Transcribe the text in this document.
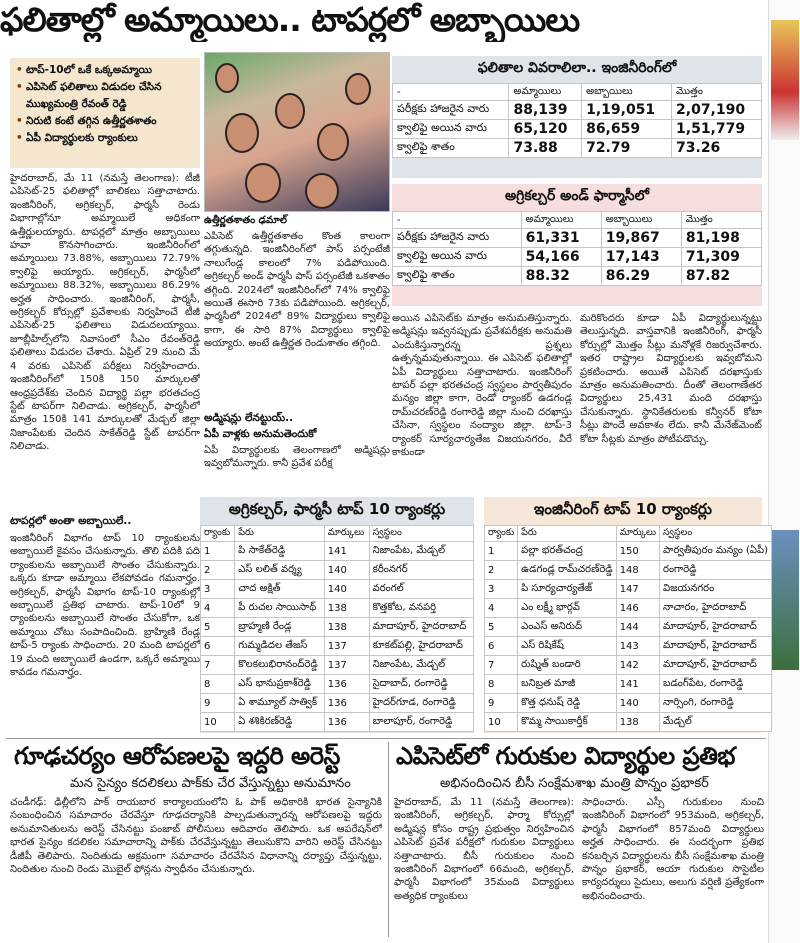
ఫలితాల్లో అమ్మాయిలు.. టాపర్లలో అబ్బాయిలు
• టాప్-10లో ఒకే ఒక్కఅమ్మాయి
• ఎపిసెట్ ఫలితాలు విడుదల చేసిన ముఖ్యమంత్రి రేవంత్ రెడ్డి
• నిరుటి కంటే తగ్గిన ఉత్తీర్ణతశాతం
• ఏపీ విద్యార్థులకు ర్యాంకులు
హైదరాబాద్, మే 11 (నమస్తే తెలంగాణ): టీజీ ఎపిసెట్-25 ఫలితాల్లో బాలికలు సత్తాచాటారు. ఇంజినీరింగ్, అగ్రికల్చర్, ఫార్మసీ రెండు విభాగాల్లోనూ అమ్మాయిలే అధికంగా ఉత్తీర్ణులయ్యారు. టాపర్లలో మాత్రం అబ్బాయిలు హవా కొనసాగించారు. ఇంజినీరింగ్‌లో అమ్మాయిలు 73.88%, అబ్బాయిలు 72.79% క్వాలిఫై అయ్యారు. అగ్రికల్చర్, ఫార్మసీలో అమ్మాయిలు 88.32%, అబ్బాయిలు 86.29% అర్హత సాధించారు. ఇంజినీరింగ్, ఫార్మసీ, అగ్రికల్చర్ కోర్సుల్లో ప్రవేశాలకు నిర్వహించే టీజీ ఎపిసెట్-25 ఫలితాలు విడుదలయ్యాయి. జూబ్లీహిల్స్‌లోని నివాసంలో సీఎం రేవంత్‌రెడ్డి ఫలితాలు విడుదల చేశారు. ఏప్రిల్ 29 నుంచి మే 4 వరకు ఎపిసెట్ పరీక్షలు నిర్వహించారు. ఇంజినీరింగ్‌లో 150కి 150 మార్కులతో ఆంధ్రప్రదేశ్‌కు చెందిన విద్యార్థి పల్లా భరతచంద్ర స్టేట్ టాపర్‌గా నిలిచాడు. అగ్రికల్చర్, ఫార్మసీలో మాత్రం 150కి 141 మార్కులతో మేడ్చల్ జిల్లా నిజాంపేటకు చెందిన సాకేత్‌రెడ్డి స్టేట్ టాపర్‌గా నిలిచాడు.
టాపర్లలో అంతా అబ్బాయిలే..
ఇంజినీరింగ్ విభాగం టాప్ 10 ర్యాంకులను అబ్బాయిలే కైవసం చేసుకున్నారు. తొలి పదికి పది ర్యాంకులను అబ్బాయిలే సొంతం చేసుకున్నారు. ఒక్కరు కూడా అమ్మాయి లేకపోవడం గమనార్హం. అగ్రికల్చర్, ఫార్మసీ విభాగం టాప్-10 ర్యాంకుల్లో అబ్బాయిలే ప్రతిభ చాటారు. టాప్-10లో 9 ర్యాంకులను అబ్బాయిలే సొంతం చేసుకోగా, ఒక అమ్మాయి చోటు సంపాదించింది. బ్రాహ్మిణి రేండ్ల టాప్-5 ర్యాంకు సాధించారు. 20 మంది టాపర్లలో 19 మంది అబ్బాయిలే ఉండగా, ఒక్కరే అమ్మాయి కావడం గమనార్హం.
ఉత్తీర్ణతశాతం ఢమాల్
ఎపిసెట్ ఉత్తీర్ణతశాతం కొంత కాలంగా తగ్గుతున్నది. ఇంజినీరింగ్‌లో పాస్ పర్సంటేజీ నాలుగేండ్ల కాలంలో 7% పడిపోయింది. అగ్రికల్చర్ అండ్ ఫార్మసీ పాస్ పర్సంటేజీ ఒకశాతం తగ్గింది. 2024లో ఇంజినీరింగ్‌లో 74% క్వాలిఫై అయితే ఈసారి 73కు పడిపోయింది. అగ్రికల్చర్, ఫార్మసీలో 2024లో 89% విద్యార్థులు క్వాలిఫై కాగా, ఈ సారి 87% విద్యార్థులు క్వాలిఫై అయ్యారు. అంటే ఉత్తీర్ణత రెండుశాతం తగ్గింది.
అడ్మిషన్లు లేనట్టుయ్..
ఏపీ వాళ్లకు అనుమతెందుకో
ఏపీ విద్యార్థులకు తెలంగాణలో అడ్మిషన్లు ఇవ్వబోమన్నారు. కానీ ప్రవేశ పరీక్ష
ఫలితాల వివరాలిలా.. ఇంజినీరింగ్‌లో
-	అమ్మాయిలు	అబ్బాయిలు	మొత్తం
పరీక్షకు హాజరైన వారు	88,139	1,19,051	2,07,190
క్వాలిఫై అయిన వారు	65,120	86,659	1,51,779
క్వాలిఫై శాతం	73.88	72.79	73.26
అగ్రికల్చర్ అండ్ ఫార్మాసీలో
-	అమ్మాయిలు	అబ్బాయిలు	మొత్తం
పరీక్షకు హాజరైన వారు	61,331	19,867	81,198
క్వాలిఫై అయిన వారు	54,166	17,143	71,309
క్వాలిఫై శాతం	88.32	86.29	87.82
అయిన ఎపిసెట్‌కు మాత్రం అనుమతిస్తున్నారు. అడ్మిషన్లు ఇవ్వనప్పుడు ప్రవేశపరీక్షకు అనుమతి ఎందుకిస్తున్నారన్న ప్రశ్నలు ఉత్పన్నమవుతున్నాయి. ఈ ఎపిసెట్ ఫలితాల్లో ఏపీ విద్యార్థులు సత్తాచాటారు. ఇంజినీరింగ్ టాపర్ పల్లా భరతచంద్ర స్వస్థలం పార్వతీపురం మన్యం జిల్లా కాగా, రెండో ర్యాంకర్ ఉడగండ్ల రామ్‌చరణ్‌రెడ్డి రంగారెడ్డి జిల్లా నుంచి దరఖాస్తు చేసినా, స్వస్థలం నంద్యాల జిల్లా. టాప్-3 ర్యాంకర్ సూర్యచార్యతేజ విజయనగరం, వీరే కాకుండా
మరికొందరు కూడా ఏపీ విద్యార్థులున్నట్టు తెలుస్తున్నది. వాస్తవానికి ఇంజినీరింగ్, ఫార్మసీ కోర్సుల్లో మొత్తం సీట్లు మనోళ్లకే రిజర్వుచేశారు. ఇతర రాష్ట్రాల విద్యార్థులకు ఇవ్వబోమని ప్రకటించారు. అయితే ఎపిసెట్ దరఖాస్తుకు మాత్రం అనుమతించారు. దీంతో తెలంగాణేతర విద్యార్థులు 25,431 మంది దరఖాస్తు చేసుకున్నారు. స్థానికేతరులకు కన్వీనర్ కోటా సీట్లు పొందే అవకాశం లేదు. కానీ మేనేజ్‌మెంట్ కోటా సీట్లకు మాత్రం పోటీపడొచ్చు.
అగ్రికల్చర్, ఫార్మసీ టాప్ 10 ర్యాంకర్లు
ర్యాంకు	పేరు	మార్కులు	స్వస్థలం
1	పి సాకేత్‌రెడ్డి	141	నిజాంపేట, మేడ్చల్
2	ఎస్ లలిత్ వర్శ్య	140	కరీంనగర్
3	చాద అక్షిత్	140	వరంగల్
4	పీ రుచల సాయిసాథ్	138	కొత్తకోట, వనపర్తి
5	బ్రాహ్మణి రేండ్ల	138	మాదాపూర్, హైదరాబాద్
6	గుమ్మడిదల తేజస్	137	కూకట్‌పల్లి, హైదరాబాద్
7	కొలకలుభిరానంద్‌రెడ్డి	137	నిజాంపేట, మేడ్చల్
8	ఎస్ భానుప్రకాశ్‌రెడ్డి	136	సైదాబాద్, రంగారెడ్డి
9	ఏ శామ్యూల్ సాత్విక్	136	హైదర్‌గూడ, రంగారెడ్డి
10	ఏ శశికిరణ్‌రెడ్డి	136	బాలాపూర్, రంగారెడ్డి
ఇంజినీరింగ్ టాప్ 10 ర్యాంకర్లు
ర్యాంకు	పేరు	మార్కులు	స్వస్థలం
1	పల్లా భరత్‌చంద్ర	150	పార్వతీపురం మన్యం (ఏపీ)
2	ఉడగండ్ల రామ్‌చరణ్‌రెడ్డి	148	రంగారెడ్డి
3	పి సూర్యచార్యతేజ్	147	విజయనగరం
4	ఎం లక్ష్మీ భార్గవ్	146	నాచారం, హైదరాబాద్
5	ఎంఎస్ అనిరుద్	144	మాదాపూర్, హైదరాబాద్
6	ఎస్ రిషికేష్	143	మాదాపూర్, హైదరాబాద్
7	రుష్మిత్ బండారి	142	మాదాపూర్, హైదరాబాద్
8	బనిబ్రత మాజీ	141	బడంగ్‌పేట, రంగారెడ్డి
9	కొత్త ధనుష్ రెడ్డి	140	నార్సింగి, రంగారెడ్డి
10	కొమ్మ సాయికార్తీక్	138	మేడ్చల్
గూఢచర్యం ఆరోపణలపై ఇద్దరి అరెస్ట్
మన సైన్యం కదలికలు పాక్‌కు చేర వేస్తున్నట్టు అనుమానం
చండీగఢ్: ఢిల్లీలోని పాక్ రాయబార కార్యాలయంలోని ఓ పాక్ అధికారికి భారత సైన్యానికి సంబంధించిన సమాచారం చేరవేస్తూ గూఢచర్యానికి పాల్పడుతున్నారన్న ఆరోపణలపై ఇద్దరు అనుమానితులను అరెస్ట్ చేసినట్టు పంజాబ్ పోలీసులు ఆదివారం తెలిపారు. ఒక ఆపరేషన్‌లో భారత సైన్యం కదలికల సమాచారాన్ని పాక్‌కు చేరవేస్తున్నట్టు తెలుసుకొని వారిని అరెస్ట్ చేసినట్టు డీజీపీ తెలిపారు. నిందితుడు అక్రమంగా సమాచారం చేరవేసిన విధానాన్ని దర్యాప్తు చేస్తున్నట్టు, నిందితుల నుంచి రెండు మొబైల్ ఫోన్లను స్వాధీనం చేసుకున్నారు.
ఎపిసెట్‌లో గురుకుల విద్యార్థుల ప్రతిభ
అభినందించిన బీసీ సంక్షేమశాఖ మంత్రి పొన్నం ప్రభాకర్
హైదరాబాద్, మే 11 (నమస్తే తెలంగాణ): ఇంజినీరింగ్, అగ్రికల్చర్, ఫార్మా కోర్సుల్లో అడ్మిషన్ల కోసం రాష్ట్ర ప్రభుత్వం నిర్వహించిన ఎపిసెట్ ప్రవేశ పరీక్షలో గురుకుల విద్యార్థులు సత్తాచాటారు. బీసీ గురుకులం నుంచి ఇంజినీరింగ్ విభాగంలో 66మంది, అగ్రికల్చర్, ఫార్మసీ విభాగంలో 35మంది విద్యార్థులు అత్యధిక ర్యాంకులు
సాధించారు. ఎస్సీ గురుకులం నుంచి ఇంజినీరింగ్ విభాగంలో 953మంది, అగ్రికల్చర్, ఫార్మసీ విభాగంలో 857మంది విద్యార్థులు అర్హత సాధించారు. ఈ సందర్భంగా ప్రతిభ కనబర్చిన విద్యార్థులను బీసీ సంక్షేమశాఖ మంత్రి పొన్నం ప్రభాకర్, ఆయా గురుకుల సొసైటీల కార్యదర్శులు సైదులు, అలుగు వర్షిణి ప్రత్యేకంగా అభినందించారు.
